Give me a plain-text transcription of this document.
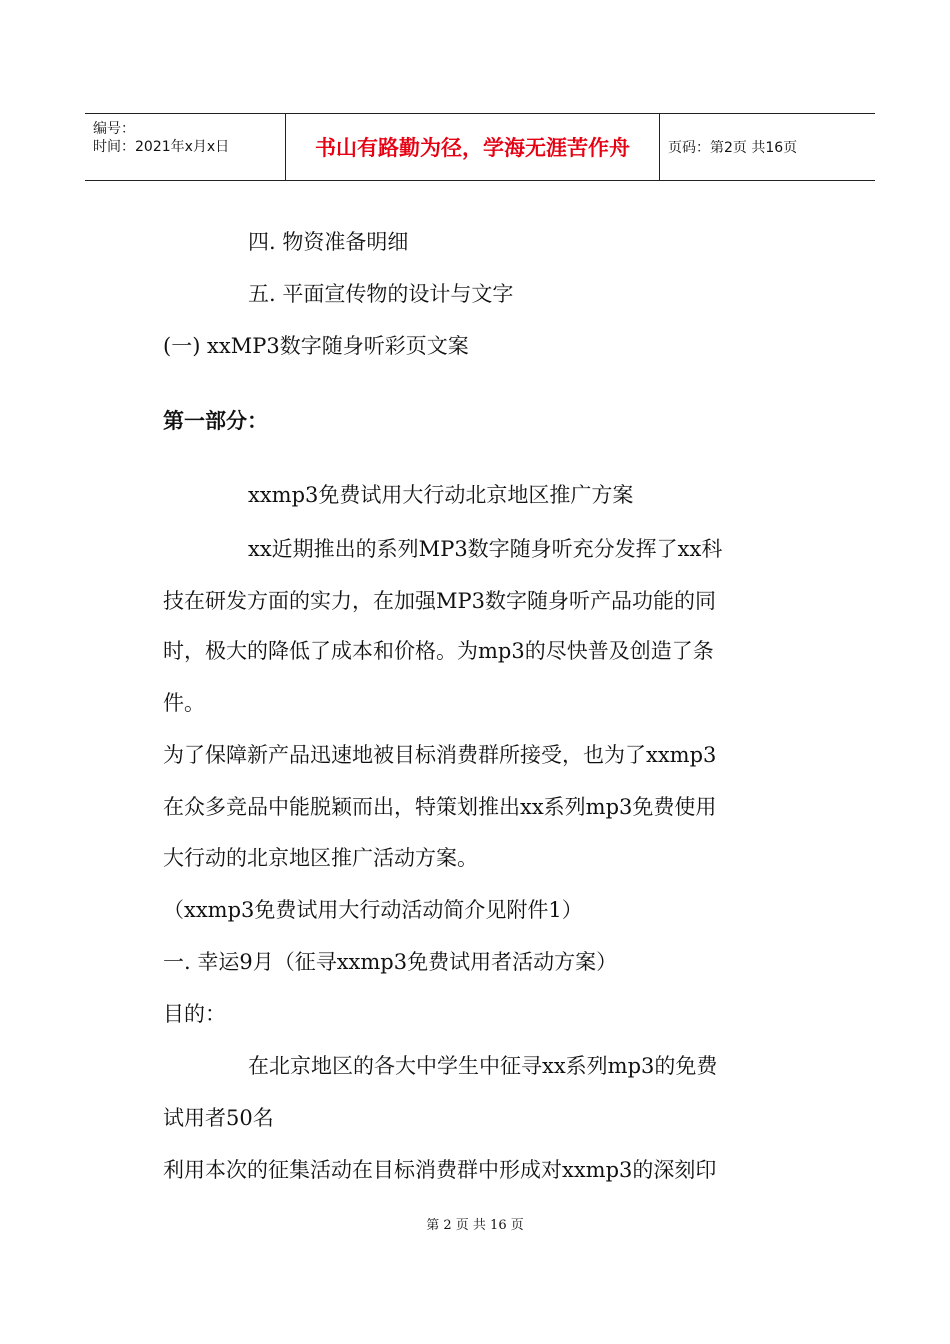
编号：
时间：2021年x月x日	书山有路勤为径，学海无涯苦作舟	页码：第2页 共16页
四. 物资准备明细
五. 平面宣传物的设计与文字
(一) xxMP3数字随身听彩页文案
第一部分：
xxmp3免费试用大行动北京地区推广方案
xx近期推出的系列MP3数字随身听充分发挥了xx科
技在研发方面的实力，在加强MP3数字随身听产品功能的同
时，极大的降低了成本和价格。为mp3的尽快普及创造了条
件。
为了保障新产品迅速地被目标消费群所接受，也为了xxmp3
在众多竞品中能脱颖而出，特策划推出xx系列mp3免费使用
大行动的北京地区推广活动方案。
（xxmp3免费试用大行动活动简介见附件1）
一. 幸运9月（征寻xxmp3免费试用者活动方案）
目的：
在北京地区的各大中学生中征寻xx系列mp3的免费
试用者50名
利用本次的征集活动在目标消费群中形成对xxmp3的深刻印
第 2 页 共 16 页
